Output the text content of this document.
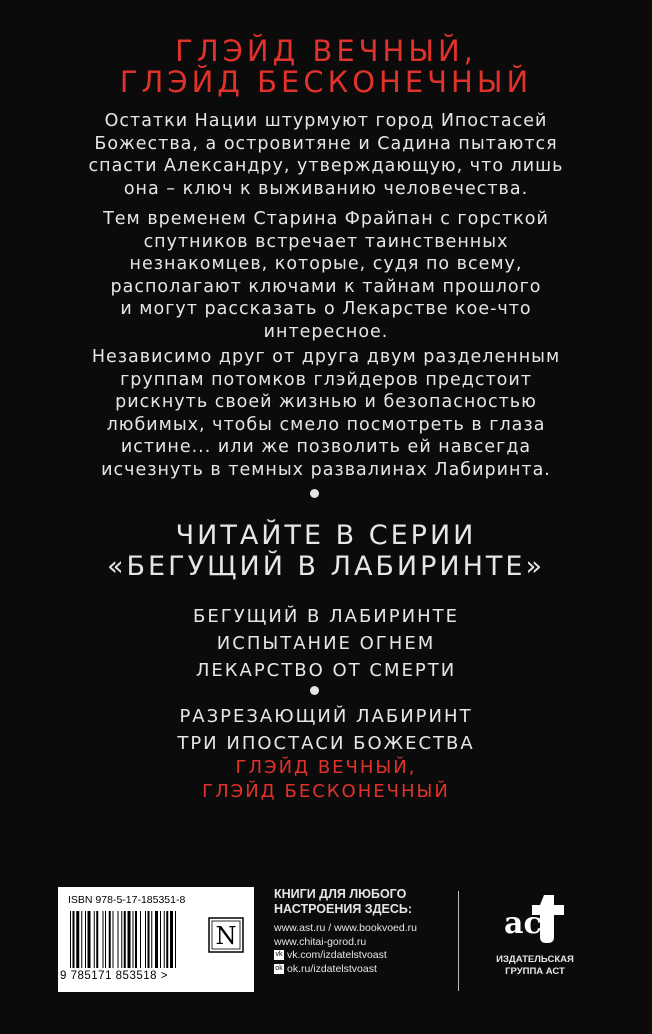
ГЛЭЙД ВЕЧНЫЙ,
ГЛЭЙД БЕСКОНЕЧНЫЙ
Остатки Нации штурмуют город Ипостасей
Божества, а островитяне и Садина пытаются
спасти Александру, утверждающую, что лишь
она – ключ к выживанию человечества.
Тем временем Старина Фрайпан с горсткой
спутников встречает таинственных
незнакомцев, которые, судя по всему,
располагают ключами к тайнам прошлого
и могут рассказать о Лекарстве кое-что
интересное.
Независимо друг от друга двум разделенным
группам потомков глэйдеров предстоит
рискнуть своей жизнью и безопасностью
любимых, чтобы смело посмотреть в глаза
истине... или же позволить ей навсегда
исчезнуть в темных развалинах Лабиринта.
ЧИТАЙТЕ В СЕРИИ
«БЕГУЩИЙ В ЛАБИРИНТЕ»
БЕГУЩИЙ В ЛАБИРИНТЕ
ИСПЫТАНИЕ ОГНЕМ
ЛЕКАРСТВО ОТ СМЕРТИ
РАЗРЕЗАЮЩИЙ ЛАБИРИНТ
ТРИ ИПОСТАСИ БОЖЕСТВА
ГЛЭЙД ВЕЧНЫЙ,
ГЛЭЙД БЕСКОНЕЧНЫЙ
ISBN 978-5-17-185351-8
9 785171 853518 >
N
КНИГИ ДЛЯ ЛЮБОГО
НАСТРОЕНИЯ ЗДЕСЬ:
www.ast.ru / www.bookvoed.ru
www.chitai-gorod.ru
vk vk.com/izdatelstvoast
ok ok.ru/izdatelstvoast
ac
ИЗДАТЕЛЬСКАЯ
ГРУППА АСТ
